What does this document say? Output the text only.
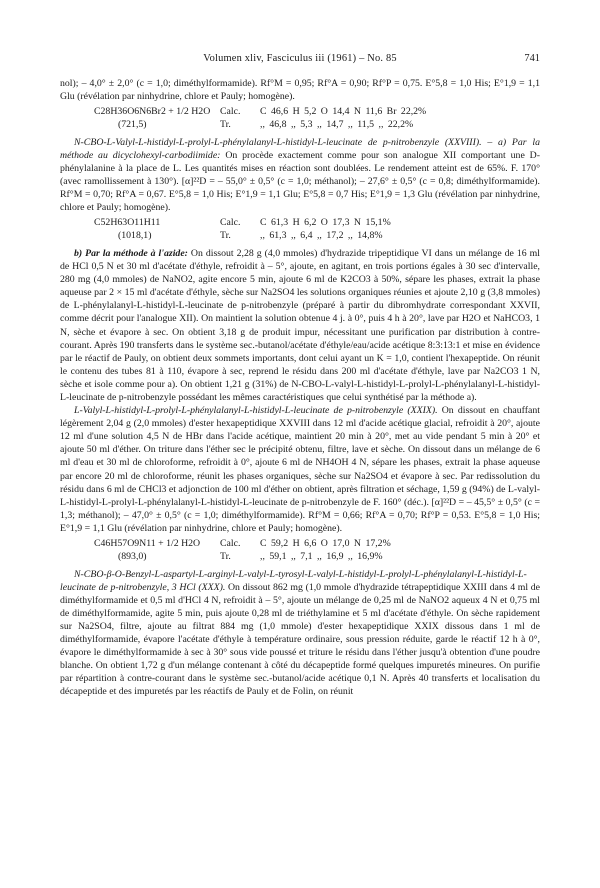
Volumen xliv, Fasciculus iii (1961) – No. 85	741

nol); – 4,0° ± 2,0° (c = 1,0; diméthylformamide). Rf°M = 0,95; Rf°A = 0,90; Rf°P = 0,75. E°5,8 = 1,0 His; E°1,9 = 1,1 Glu (révélation par ninhydrine, chlore et Pauly; homogène).

C28H36O6N6Br2 + 1/2 H2O Calc.	C 46,6 H 5,2 O 14,4 N 11,6 Br 22,2%
(721,5)	Tr.	,, 46,8 ,, 5,3 ,, 14,7 ,, 11,5 ,, 22,2%

N-CBO-L-Valyl-L-histidyl-L-prolyl-L-phénylalanyl-L-histidyl-L-leucinate de p-nitrobenzyle (XXVIII). – a) Par la méthode au dicyclohexyl-carbodiimide: On procède exactement comme pour son analogue XII comportant une D-phénylalanine à la place de L. Les quantités mises en réaction sont doublées. Le rendement atteint est de 65%. F. 170° (avec ramollissement à 130°). [α]²²D = – 55,0° ± 0,5° (c = 1,0; méthanol); – 27,6° ± 0,5° (c = 0,8; diméthylformamide). Rf°M = 0,70; Rf°A = 0,67. E°5,8 = 1,0 His; E°1,9 = 1,1 Glu; E°5,8 = 0,7 His; E°1,9 = 1,3 Glu (révélation par ninhydrine, chlore et Pauly; homogène).

C52H63O11H11	Calc.	C 61,3 H 6,2 O 17,3 N 15,1%
(1018,1)	Tr.	,, 61,3 ,, 6,4 ,, 17,2 ,, 14,8%

b) Par la méthode à l'azide: On dissout 2,28 g (4,0 mmoles) d'hydrazide tripeptidique VI dans un mélange de 16 ml de HCl 0,5 N et 30 ml d'acétate d'éthyle, refroidit à – 5°, ajoute, en agitant, en trois portions égales à 30 sec d'intervalle, 280 mg (4,0 mmoles) de NaNO2, agite encore 5 min, ajoute 6 ml de K2CO3 à 50%, sépare les phases, extrait la phase aqueuse par 2 × 15 ml d'acétate d'éthyle, sèche sur Na2SO4 les solutions organiques réunies et ajoute 2,10 g (3,8 mmoles) de L-phénylalanyl-L-histidyl-L-leucinate de p-nitrobenzyle (préparé à partir du dibromhydrate correspondant XXVII, comme décrit pour l'analogue XII). On maintient la solution obtenue 4 j. à 0°, puis 4 h à 20°, lave par H2O et NaHCO3, 1 N, sèche et évapore à sec. On obtient 3,18 g de produit impur, nécessitant une purification par distribution à contre-courant. Après 190 transferts dans le système sec.-butanol/acétate d'éthyle/eau/acide acétique 8:3:13:1 et mise en évidence par le réactif de Pauly, on obtient deux sommets importants, dont celui ayant un K = 1,0, contient l'hexapeptide. On réunit le contenu des tubes 81 à 110, évapore à sec, reprend le résidu dans 200 ml d'acétate d'éthyle, lave par Na2CO3 1 N, sèche et isole comme pour a). On obtient 1,21 g (31%) de N-CBO-L-valyl-L-histidyl-L-prolyl-L-phénylalanyl-L-histidyl-L-leucinate de p-nitrobenzyle possédant les mêmes caractéristiques que celui synthétisé par la méthode a).

L-Valyl-L-histidyl-L-prolyl-L-phénylalanyl-L-histidyl-L-leucinate de p-nitrobenzyle (XXIX). On dissout en chauffant légèrement 2,04 g (2,0 mmoles) d'ester hexapeptidique XXVIII dans 12 ml d'acide acétique glacial, refroidit à 20°, ajoute 12 ml d'une solution 4,5 N de HBr dans l'acide acétique, maintient 20 min à 20°, met au vide pendant 5 min à 20° et ajoute 50 ml d'éther. On triture dans l'éther sec le précipité obtenu, filtre, lave et sèche. On dissout dans un mélange de 6 ml d'eau et 30 ml de chloroforme, refroidit à 0°, ajoute 6 ml de NH4OH 4 N, sépare les phases, extrait la phase aqueuse par encore 20 ml de chloroforme, réunit les phases organiques, sèche sur Na2SO4 et évapore à sec. Par redissolution du résidu dans 6 ml de CHCl3 et adjonction de 100 ml d'éther on obtient, après filtration et séchage, 1,59 g (94%) de L-valyl-L-histidyl-L-prolyl-L-phénylalanyl-L-histidyl-L-leucinate de p-nitrobenzyle de F. 160° (déc.). [α]²²D = – 45,5° ± 0,5° (c = 1,3; méthanol); – 47,0° ± 0,5° (c = 1,0; diméthylformamide). Rf°M = 0,66; Rf°A = 0,70; Rf°P = 0,53. E°5,8 = 1,0 His; E°1,9 = 1,1 Glu (révélation par ninhydrine, chlore et Pauly; homogène).

C46H57O9N11 + 1/2 H2O	Calc.	C 59,2 H 6,6 O 17,0 N 17,2%
(893,0)	Tr.	,, 59,1 ,, 7,1 ,, 16,9 ,, 16,9%

N-CBO-β-O-Benzyl-L-aspartyl-L-arginyl-L-valyl-L-tyrosyl-L-valyl-L-histidyl-L-prolyl-L-phénylalanyl-L-histidyl-L-leucinate de p-nitrobenzyle, 3 HCl (XXX). On dissout 862 mg (1,0 mmole d'hydrazide tétrapeptidique XXIII dans 4 ml de diméthylformamide et 0,5 ml d'HCl 4 N, refroidit à – 5°, ajoute un mélange de 0,25 ml de NaNO2 aqueux 4 N et 0,75 ml de diméthylformamide, agite 5 min, puis ajoute 0,28 ml de triéthylamine et 5 ml d'acétate d'éthyle. On sèche rapidement sur Na2SO4, filtre, ajoute au filtrat 884 mg (1,0 mmole) d'ester hexapeptidique XXIX dissous dans 1 ml de diméthylformamide, évapore l'acétate d'éthyle à température ordinaire, sous pression réduite, garde le réactif 12 h à 0°, évapore le diméthylformamide à sec à 30° sous vide poussé et triture le résidu dans l'éther jusqu'à obtention d'une poudre blanche. On obtient 1,72 g d'un mélange contenant à côté du décapeptide formé quelques impuretés mineures. On purifie par répartition à contre-courant dans le système sec.-butanol/acide acétique 0,1 N. Après 40 transferts et localisation du décapeptide et des impuretés par les réactifs de Pauly et de Folin, on réunit
